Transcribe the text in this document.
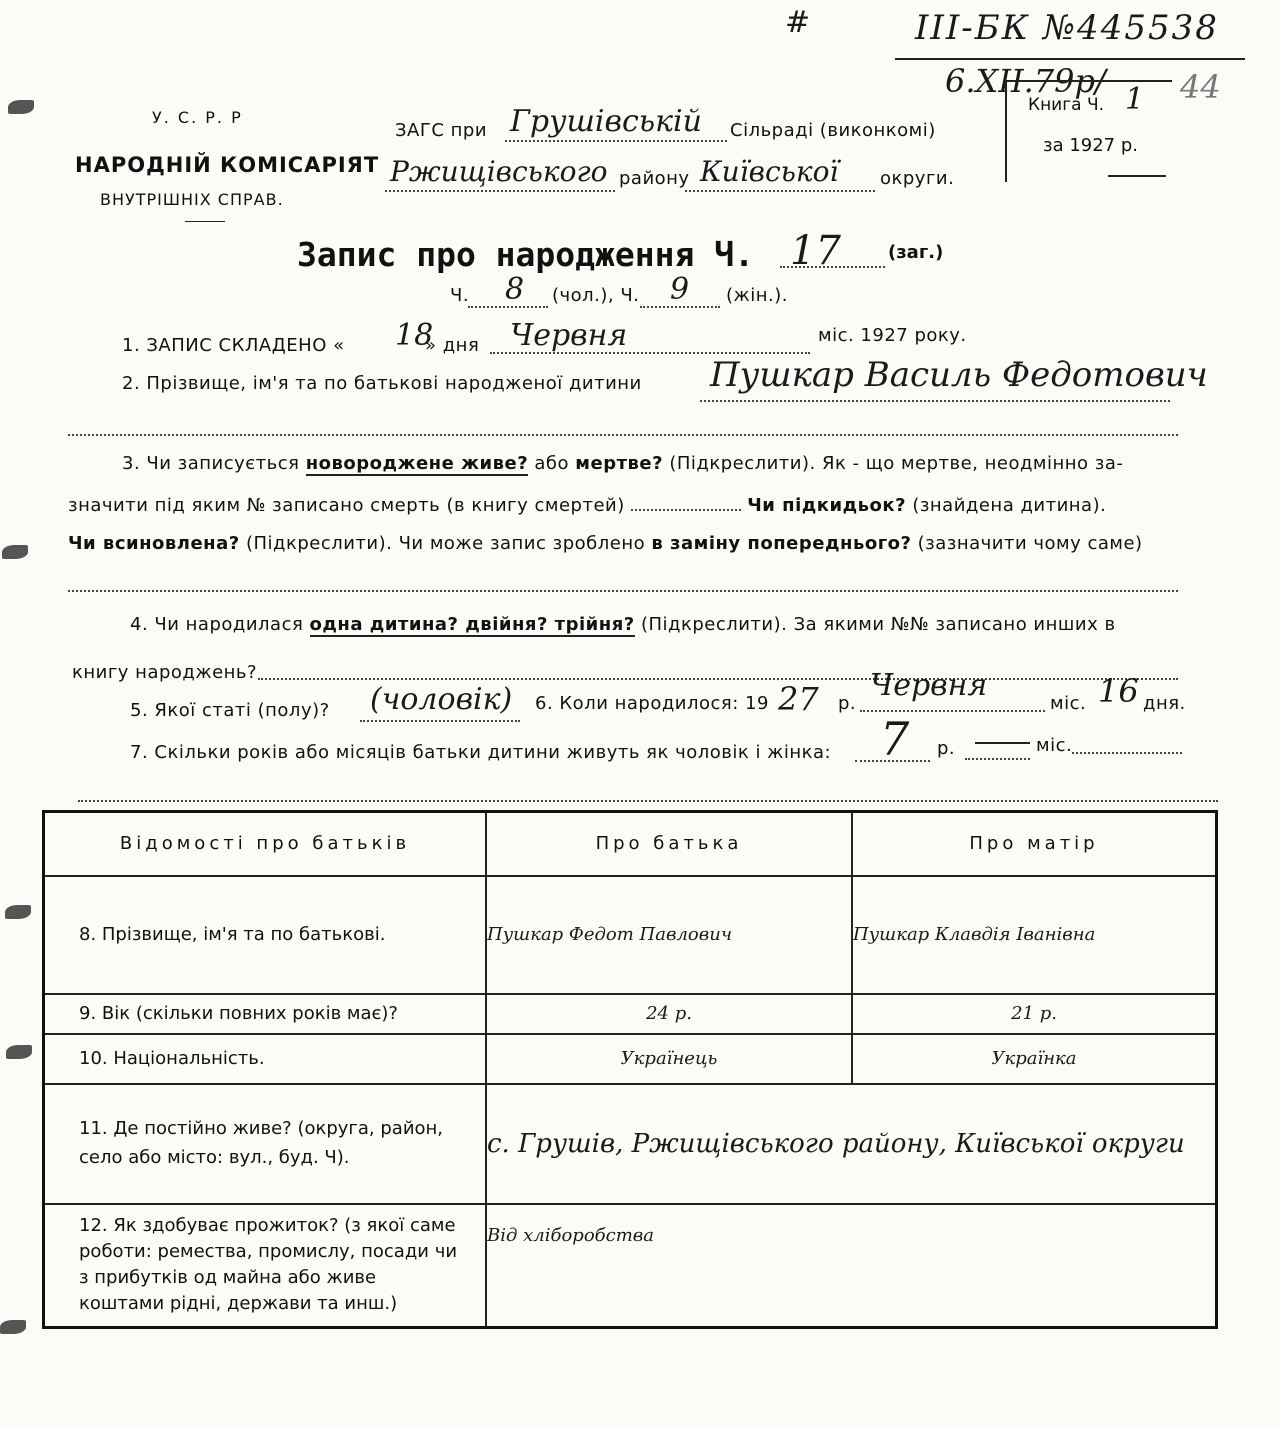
#	III-БК №445538
6.XII.79р/
Книга Ч. 1 44
за 1927 р.
У. С. Р. Р
НАРОДНІЙ КОМІСАРІЯТ
ВНУТРІШНІХ СПРАВ.
ЗАГС при Грушівській Сільраді (виконкомі)
Ржищівського району Київської округи.
Запис про народження Ч. 17	(заг.)
Ч. 8 (чол.), Ч. 9 (жін.).
1. ЗАПИС СКЛАДЕНО « 18
» дня Червня	міс. 1927 року.
2. Прізвище, ім'я та по батькові народженої дитини Пушкар Василь Федотович
3. Чи записується новороджене живе? або мертве? (Підкреслити). Як - що мертве, неодмінно за-
значити під яким № записано смерть (в книгу смертей)	Чи підкидьок? (знайдена дитина).
Чи всиновлена? (Підкреслити). Чи може запис зроблено в заміну попереднього? (зазначити чому саме)
4. Чи народилася одна дитина? двійня? трійня? (Підкреслити). За якими №№ записано инших в
книгу народжень?
5. Якої статі (полу)? (чоловік) 6. Коли народилося: 19 27 р.
Червня
міс. 16 дня.
7. Скільки років або місяців батьки дитини живуть як чоловік і жінка: 7 р.	міс.
Відомості про батьків	Про батька	Про матір
8. Прізвище, ім'я та по батькові.	Пушкар Федот Павлович	Пушкар Клавдія Іванівна
9. Вік (скільки повних років має)?	24 р.	21 р.
10. Національність.	Українець	Українка
11. Де постійно живе? (округа, район, село або місто: вул., буд. Ч).	с. Грушів, Ржищівського району, Київської округи	
12. Як здобуває прожиток? (з якої саме роботи: ремества, промислу, посади чи з прибутків од майна або живе коштами рідні, держави та инш.)	Від хліборобства	
